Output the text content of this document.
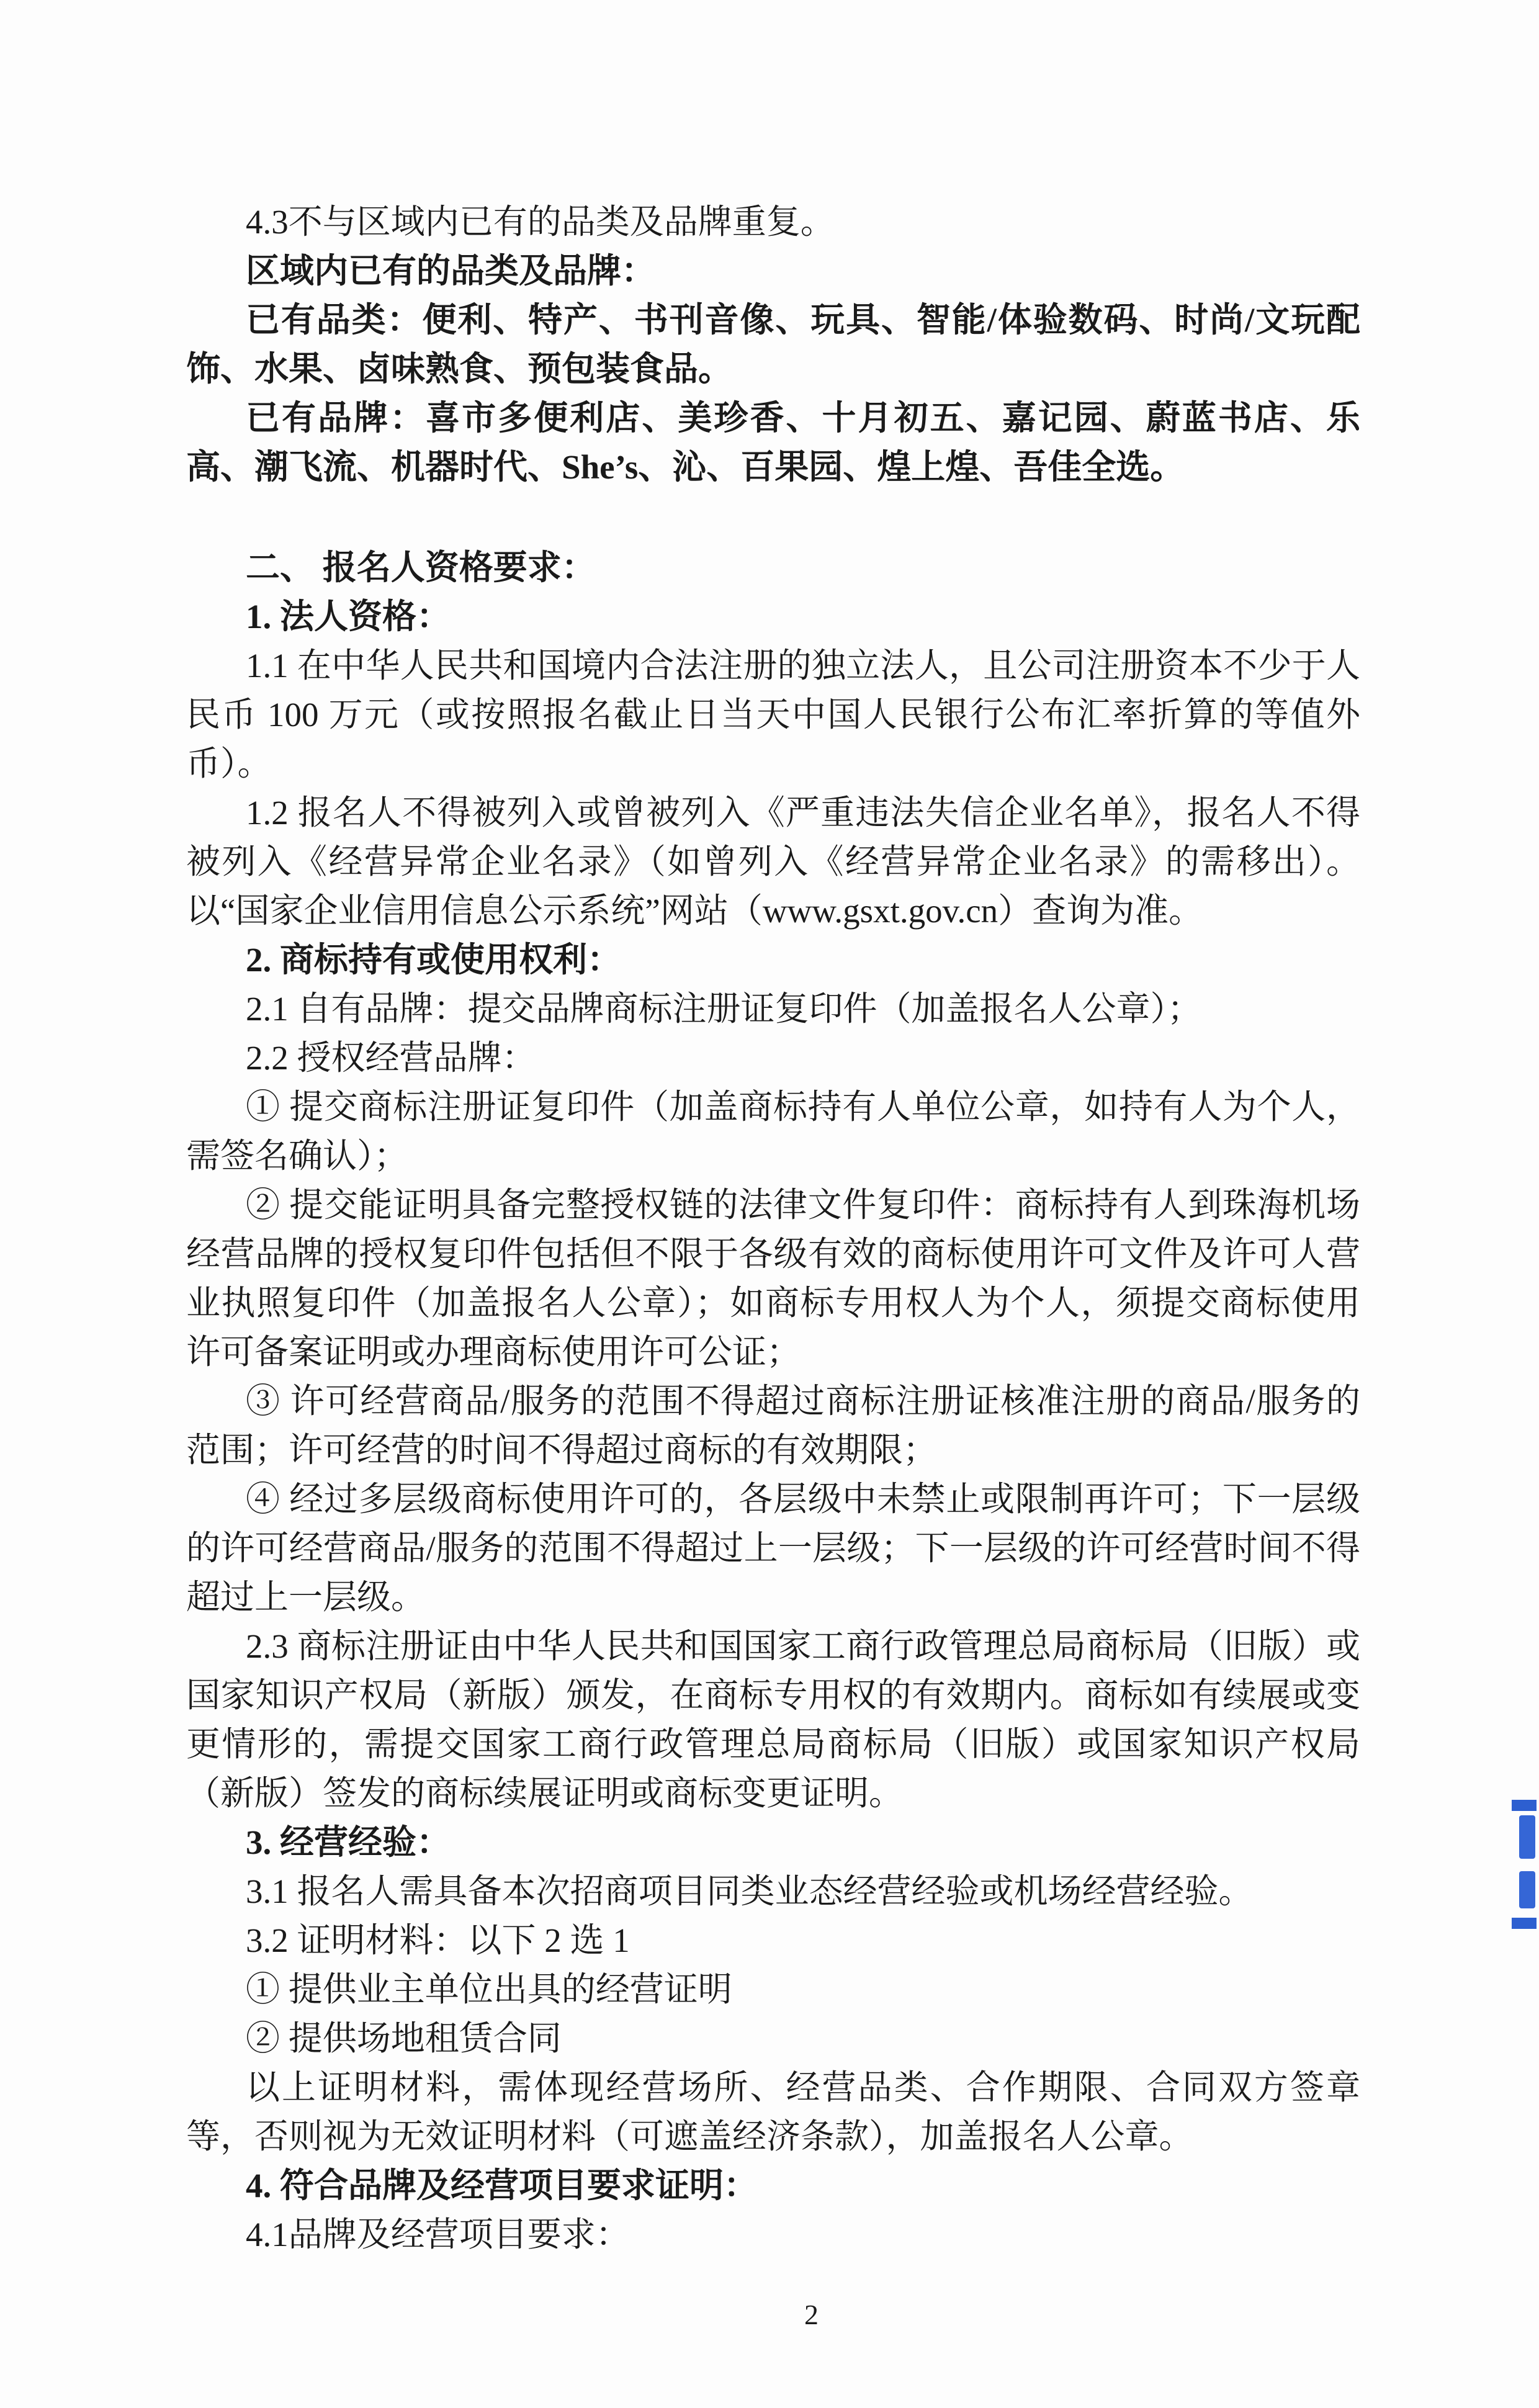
4.3不与区域内已有的品类及品牌重复。

区域内已有的品类及品牌：

已有品类：便利、特产、书刊音像、玩具、智能/体验数码、时尚/文玩配饰、水果、卤味熟食、预包装食品。

已有品牌：喜市多便利店、美珍香、十月初五、嘉记园、蔚蓝书店、乐高、潮飞流、机器时代、She’s、沁、百果园、煌上煌、吾佳全选。

二、 报名人资格要求：

1. 法人资格：

1.1 在中华人民共和国境内合法注册的独立法人，且公司注册资本不少于人民币 100 万元（或按照报名截止日当天中国人民银行公布汇率折算的等值外币）。

1.2 报名人不得被列入或曾被列入《严重违法失信企业名单》，报名人不得被列入《经营异常企业名录》（如曾列入《经营异常企业名录》的需移出）。以“国家企业信用信息公示系统”网站（www.gsxt.gov.cn）查询为准。

2. 商标持有或使用权利：

2.1 自有品牌：提交品牌商标注册证复印件（加盖报名人公章）；

2.2 授权经营品牌：

① 提交商标注册证复印件（加盖商标持有人单位公章，如持有人为个人，需签名确认）；

② 提交能证明具备完整授权链的法律文件复印件：商标持有人到珠海机场经营品牌的授权复印件包括但不限于各级有效的商标使用许可文件及许可人营业执照复印件（加盖报名人公章）；如商标专用权人为个人，须提交商标使用许可备案证明或办理商标使用许可公证；

③ 许可经营商品/服务的范围不得超过商标注册证核准注册的商品/服务的范围；许可经营的时间不得超过商标的有效期限；

④ 经过多层级商标使用许可的，各层级中未禁止或限制再许可；下一层级的许可经营商品/服务的范围不得超过上一层级；下一层级的许可经营时间不得超过上一层级。

2.3 商标注册证由中华人民共和国国家工商行政管理总局商标局（旧版）或国家知识产权局（新版）颁发，在商标专用权的有效期内。商标如有续展或变更情形的，需提交国家工商行政管理总局商标局（旧版）或国家知识产权局（新版）签发的商标续展证明或商标变更证明。

3. 经营经验：

3.1 报名人需具备本次招商项目同类业态经营经验或机场经营经验。

3.2 证明材料：以下 2 选 1

① 提供业主单位出具的经营证明

② 提供场地租赁合同

以上证明材料，需体现经营场所、经营品类、合作期限、合同双方签章等，否则视为无效证明材料（可遮盖经济条款），加盖报名人公章。

4. 符合品牌及经营项目要求证明：

4.1品牌及经营项目要求：

2
